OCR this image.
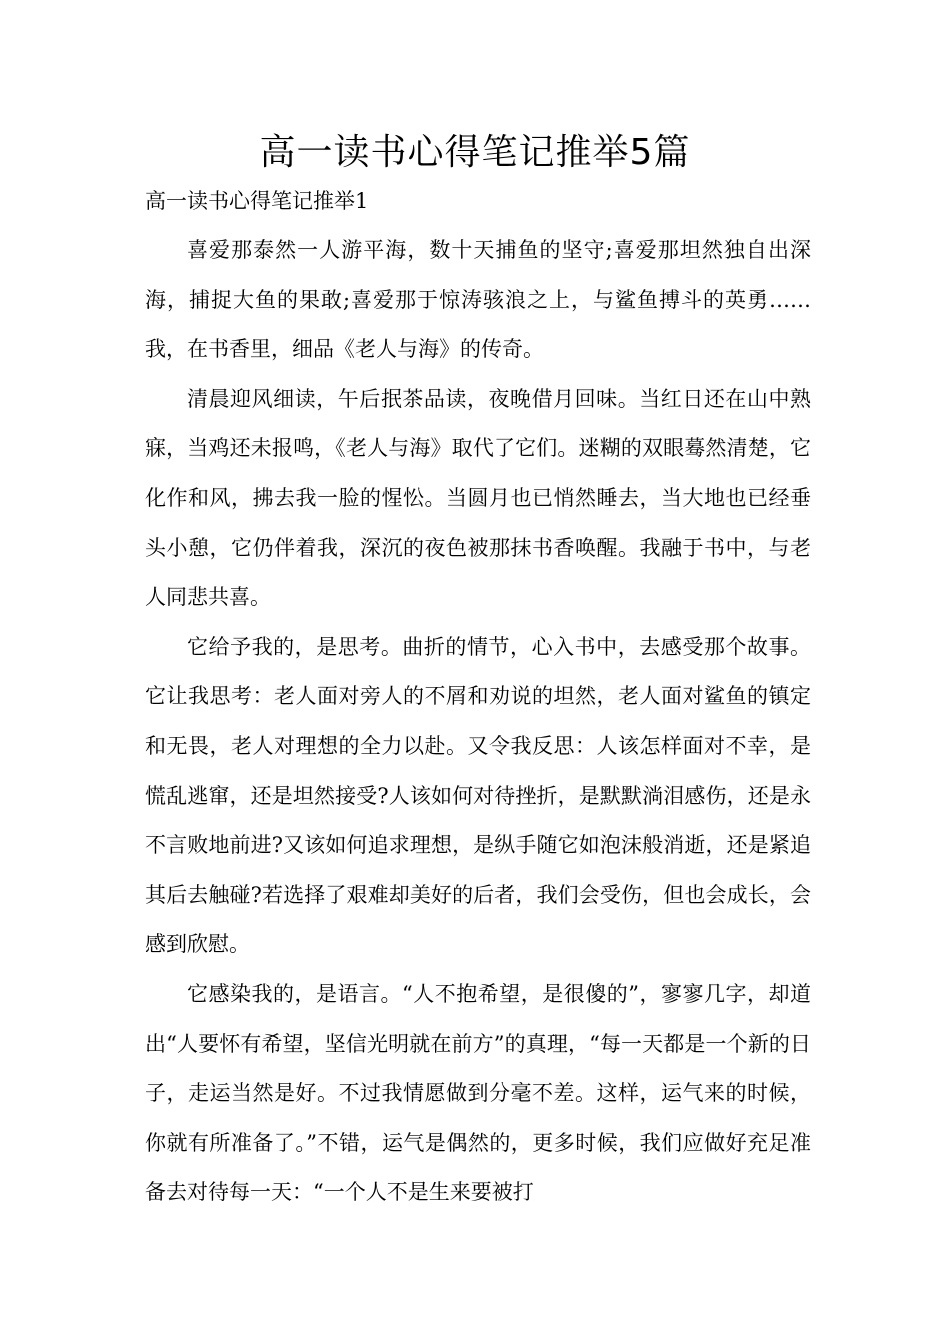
高一读书心得笔记推举5篇
高一读书心得笔记推举1

喜爱那泰然一人游平海，数十天捕鱼的坚守;喜爱那坦然独自出深海，捕捉大鱼的果敢;喜爱那于惊涛骇浪之上，与鲨鱼搏斗的英勇……我，在书香里，细品《老人与海》的传奇。

清晨迎风细读，午后抿茶品读，夜晚借月回味。当红日还在山中熟寐，当鸡还未报鸣，《老人与海》取代了它们。迷糊的双眼蓦然清楚，它化作和风，拂去我一脸的惺忪。当圆月也已悄然睡去，当大地也已经垂头小憩，它仍伴着我，深沉的夜色被那抹书香唤醒。我融于书中，与老人同悲共喜。

它给予我的，是思考。曲折的情节，心入书中，去感受那个故事。它让我思考：老人面对旁人的不屑和劝说的坦然，老人面对鲨鱼的镇定和无畏，老人对理想的全力以赴。又令我反思：人该怎样面对不幸，是慌乱逃窜，还是坦然接受?人该如何对待挫折，是默默淌泪感伤，还是永不言败地前进?又该如何追求理想，是纵手随它如泡沫般消逝，还是紧追其后去触碰?若选择了艰难却美好的后者，我们会受伤，但也会成长，会感到欣慰。

它感染我的，是语言。“人不抱希望，是很傻的”，寥寥几字，却道出“人要怀有希望，坚信光明就在前方”的真理，“每一天都是一个新的日子，走运当然是好。不过我情愿做到分毫不差。这样，运气来的时候，你就有所准备了。”不错，运气是偶然的，更多时候，我们应做好充足准备去对待每一天：“一个人不是生来要被打
